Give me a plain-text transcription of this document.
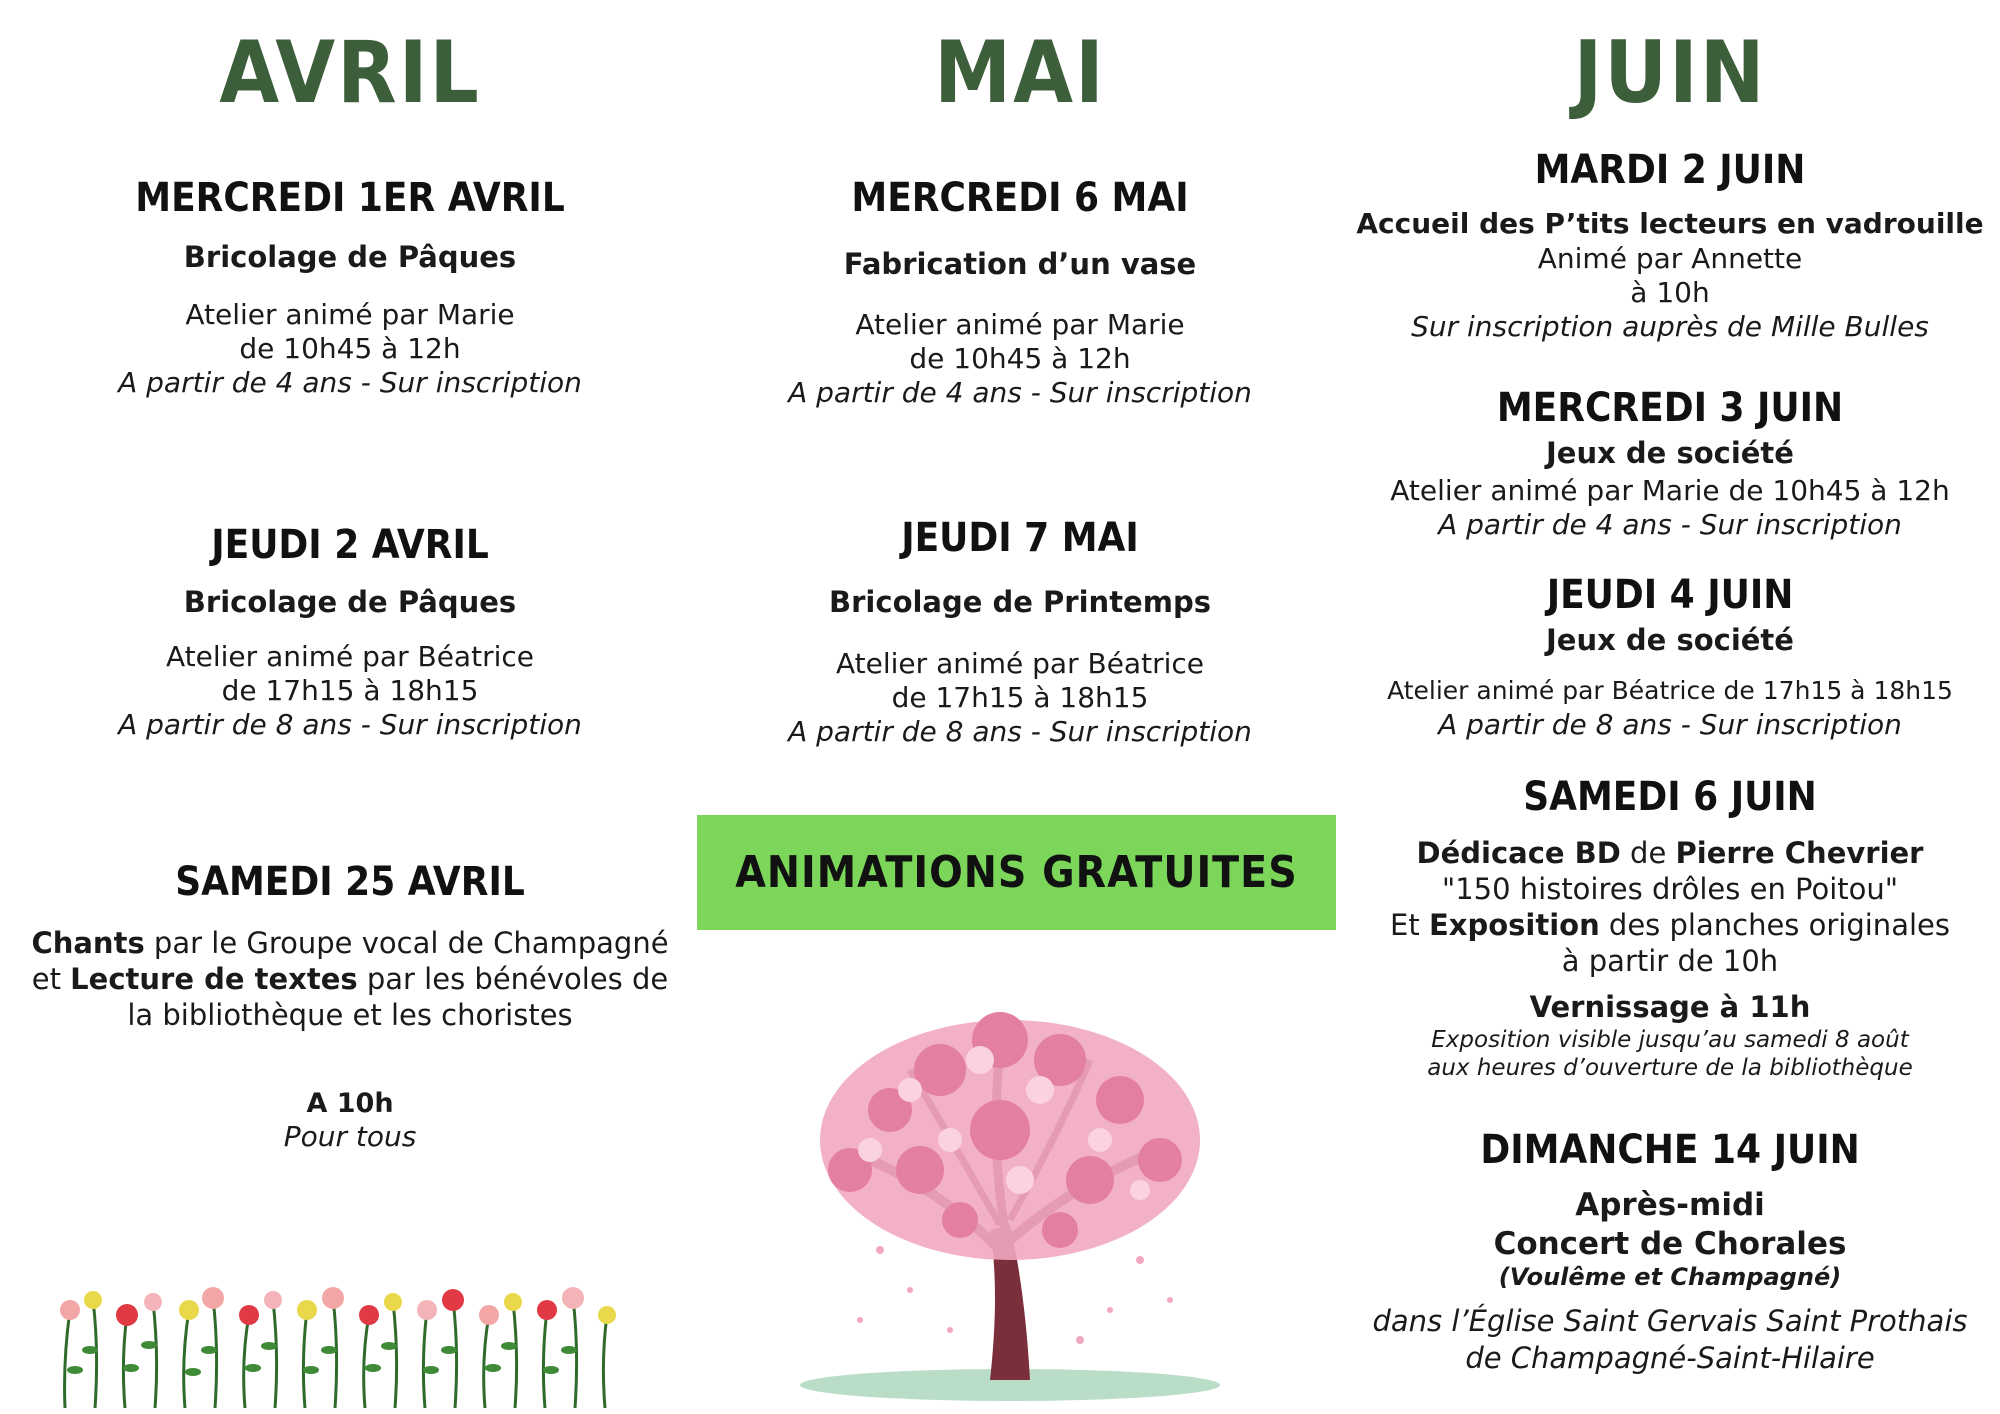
AVRIL
MERCREDI 1ER AVRIL
Bricolage de Pâques
Atelier animé par Marie
de 10h45 à 12h
A partir de 4 ans - Sur inscription
JEUDI 2 AVRIL
Bricolage de Pâques
Atelier animé par Béatrice
de 17h15 à 18h15
A partir de 8 ans - Sur inscription
SAMEDI 25 AVRIL
Chants par le Groupe vocal de Champagné et Lecture de textes par les bénévoles de la bibliothèque et les choristes
A 10h
Pour tous
MAI
MERCREDI 6 MAI
Fabrication d’un vase
Atelier animé par Marie
de 10h45 à 12h
A partir de 4 ans - Sur inscription
JEUDI 7 MAI
Bricolage de Printemps
Atelier animé par Béatrice
de 17h15 à 18h15
A partir de 8 ans - Sur inscription
ANIMATIONS GRATUITES
JUIN
MARDI 2 JUIN
Accueil des P’tits lecteurs en vadrouille
Animé par Annette
à 10h
Sur inscription auprès de Mille Bulles
MERCREDI 3 JUIN
Jeux de société
Atelier animé par Marie de 10h45 à 12h
A partir de 4 ans - Sur inscription
JEUDI 4 JUIN
Jeux de société
Atelier animé par Béatrice de 17h15 à 18h15
A partir de 8 ans - Sur inscription
SAMEDI 6 JUIN
Dédicace BD de Pierre Chevrier
"150 histoires drôles en Poitou"
Et Exposition des planches originales
à partir de 10h
Vernissage à 11h
Exposition visible jusqu’au samedi 8 août
aux heures d’ouverture de la bibliothèque
DIMANCHE 14 JUIN
Après-midi
Concert de Chorales
(Voulême et Champagné)
dans l’Église Saint Gervais Saint Prothais
de Champagné-Saint-Hilaire
